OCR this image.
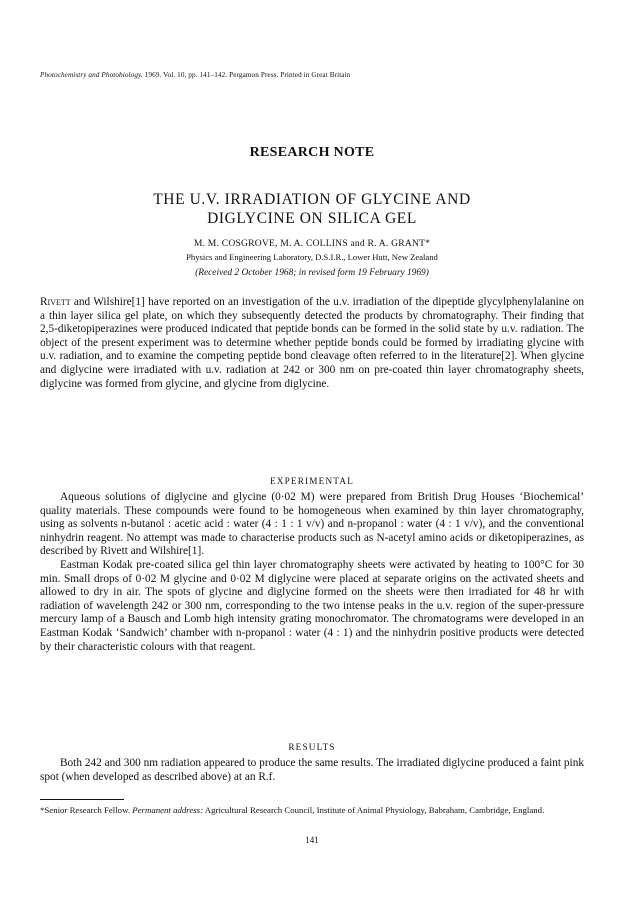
Photochemistry and Photobiology. 1969. Vol. 10, pp. 141–142. Pergamon Press. Printed in Great Britain
RESEARCH NOTE
THE U.V. IRRADIATION OF GLYCINE AND
DIGLYCINE ON SILICA GEL
M. M. COSGROVE, M. A. COLLINS and R. A. GRANT*
Physics and Engineering Laboratory, D.S.I.R., Lower Hutt, New Zealand
(Received 2 October 1968; in revised form 19 February 1969)

Rivett and Wilshire[1] have reported on an investigation of the u.v. irradiation of the dipeptide glycylphenylalanine on a thin layer silica gel plate, on which they subsequently detected the products by chromatography. Their finding that 2,5-diketopiperazines were produced indicated that peptide bonds can be formed in the solid state by u.v. radiation. The object of the present experiment was to determine whether peptide bonds could be formed by irradiating glycine with u.v. radiation, and to examine the competing peptide bond cleavage often referred to in the literature[2]. When glycine and diglycine were irradiated with u.v. radiation at 242 or 300 nm on pre-coated thin layer chromatography sheets, diglycine was formed from glycine, and glycine from diglycine.

EXPERIMENTAL

Aqueous solutions of diglycine and glycine (0·02 M) were prepared from British Drug Houses ‘Biochemical’ quality materials. These compounds were found to be homogeneous when examined by thin layer chromatography, using as solvents n-butanol : acetic acid : water (4 : 1 : 1 v/v) and n-propanol : water (4 : 1 v/v), and the conventional ninhydrin reagent. No attempt was made to characterise products such as N-acetyl amino acids or diketopiperazines, as described by Rivett and Wilshire[1].

Eastman Kodak pre-coated silica gel thin layer chromatography sheets were activated by heating to 100°C for 30 min. Small drops of 0·02 M glycine and 0·02 M diglycine were placed at separate origins on the activated sheets and allowed to dry in air. The spots of glycine and diglycine formed on the sheets were then irradiated for 48 hr with radiation of wavelength 242 or 300 nm, corresponding to the two intense peaks in the u.v. region of the super-pressure mercury lamp of a Bausch and Lomb high intensity grating monochromator. The chromatograms were developed in an Eastman Kodak ‘Sandwich’ chamber with n-propanol : water (4 : 1) and the ninhydrin positive products were detected by their characteristic colours with that reagent.

RESULTS

Both 242 and 300 nm radiation appeared to produce the same results. The irradiated diglycine produced a faint pink spot (when developed as described above) at an R.f.

*Senior Research Fellow. Permanent address: Agricultural Research Council, Institute of Animal Physiology, Babraham, Cambridge, England.
141
